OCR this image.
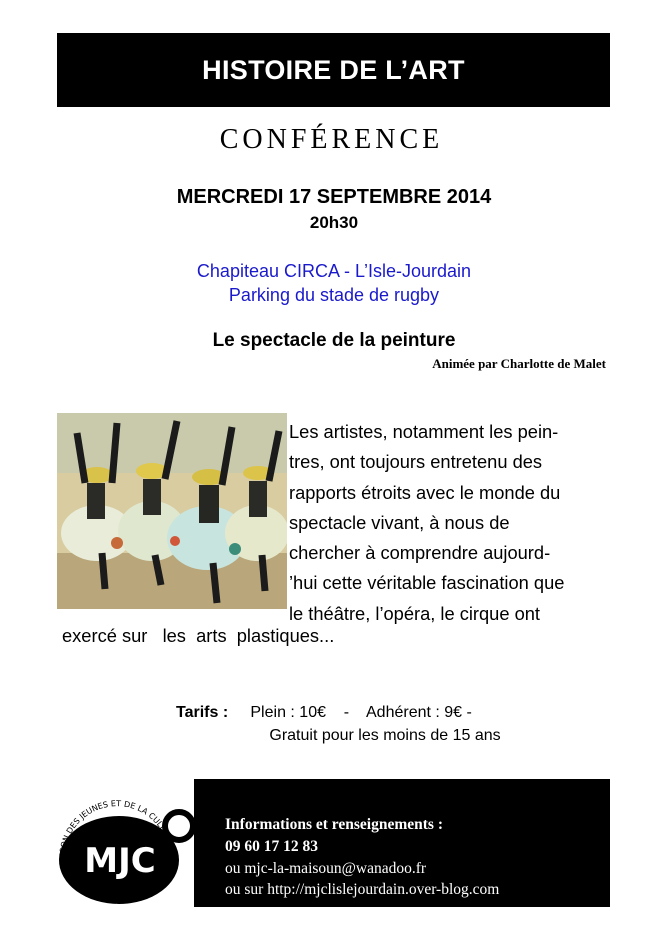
HISTOIRE DE L’ART
CONFÉRENCE
MERCREDI 17 SEPTEMBRE 2014
20h30
Chapiteau CIRCA - L’Isle-Jourdain
Parking du stade de rugby
Le spectacle de la peinture
Animée par Charlotte de Malet
Les artistes, notamment les pein-
tres, ont toujours entretenu des
rapports étroits avec le monde du
spectacle vivant, à nous de
chercher à comprendre aujourd-
’hui cette véritable fascination que
le théâtre, l’opéra, le cirque ont
exercé sur   les  arts  plastiques...
Tarifs :     Plein : 10€    -    Adhérent : 9€ -
Gratuit pour les moins de 15 ans
Informations et renseignements :
09 60 17 12 83
ou mjc-la-maisoun@wanadoo.fr
ou sur http://mjclislejourdain.over-blog.com
MJC
MAISON DES JEUNES ET DE LA CULT
L'ISLE-JOURDAIN
